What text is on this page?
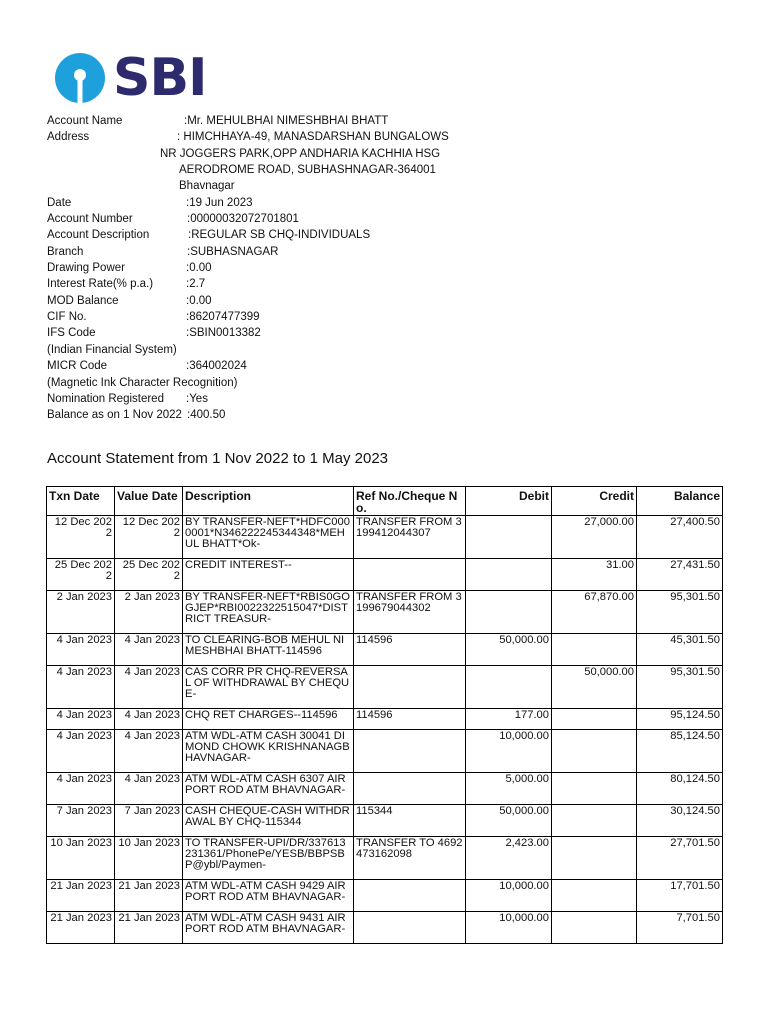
SBI
Account Name	:Mr. MEHULBHAI NIMESHBHAI BHATT
Address	: HIMCHHAYA-49, MANASDARSHAN BUNGALOWS
NR JOGGERS PARK,OPP ANDHARIA KACHHIA HSG
AERODROME ROAD, SUBHASHNAGAR-364001
Bhavnagar
Date	:19 Jun 2023
Account Number	:00000032072701801
Account Description	:REGULAR SB CHQ-INDIVIDUALS
Branch	:SUBHASNAGAR
Drawing Power	:0.00
Interest Rate(% p.a.)	:2.7
MOD Balance	:0.00
CIF No.	:86207477399
IFS Code	:SBIN0013382
(Indian Financial System)
MICR Code	:364002024
(Magnetic Ink Character Recognition)
Nomination Registered :Yes
Balance as on 1 Nov 2022 :400.50
Account Statement from 1 Nov 2022 to 1 May 2023
Txn Date	Value Date	Description	Ref No./Cheque No.	Debit	Credit	Balance
12 Dec 2022	12 Dec 2022	BY TRANSFER-NEFT*HDFC0000001*N346222245344348*MEHUL BHATT*Ok-	TRANSFER FROM 3199412044307		27,000.00	27,400.50
25 Dec 2022	25 Dec 2022	CREDIT INTEREST--			31.00	27,431.50
2 Jan 2023	2 Jan 2023	BY TRANSFER-NEFT*RBIS0GOGJEP*RBI0022322515047*DISTRICT TREASUR-	TRANSFER FROM 3199679044302		67,870.00	95,301.50
4 Jan 2023	4 Jan 2023	TO CLEARING-BOB MEHUL NIMESHBHAI BHATT-114596	114596	50,000.00		45,301.50
4 Jan 2023	4 Jan 2023	CAS CORR PR CHQ-REVERSAL OF WITHDRAWAL BY CHEQUE-			50,000.00	95,301.50
4 Jan 2023	4 Jan 2023	CHQ RET CHARGES--114596	114596	177.00		95,124.50
4 Jan 2023	4 Jan 2023	ATM WDL-ATM CASH 30041 DIMOND CHOWK KRISHNANAGBHAVNAGAR-		10,000.00		85,124.50
4 Jan 2023	4 Jan 2023	ATM WDL-ATM CASH 6307 AIRPORT ROD ATM BHAVNAGAR-		5,000.00		80,124.50
7 Jan 2023	7 Jan 2023	CASH CHEQUE-CASH WITHDRAWAL BY CHQ-115344	115344	50,000.00		30,124.50
10 Jan 2023	10 Jan 2023	TO TRANSFER-UPI/DR/337613231361/PhonePe/YESB/BBPSBP@ybl/Paymen-	TRANSFER TO 4692473162098	2,423.00		27,701.50
21 Jan 2023	21 Jan 2023	ATM WDL-ATM CASH 9429 AIRPORT ROD ATM BHAVNAGAR-		10,000.00		17,701.50
21 Jan 2023	21 Jan 2023	ATM WDL-ATM CASH 9431 AIRPORT ROD ATM BHAVNAGAR-		10,000.00		7,701.50
